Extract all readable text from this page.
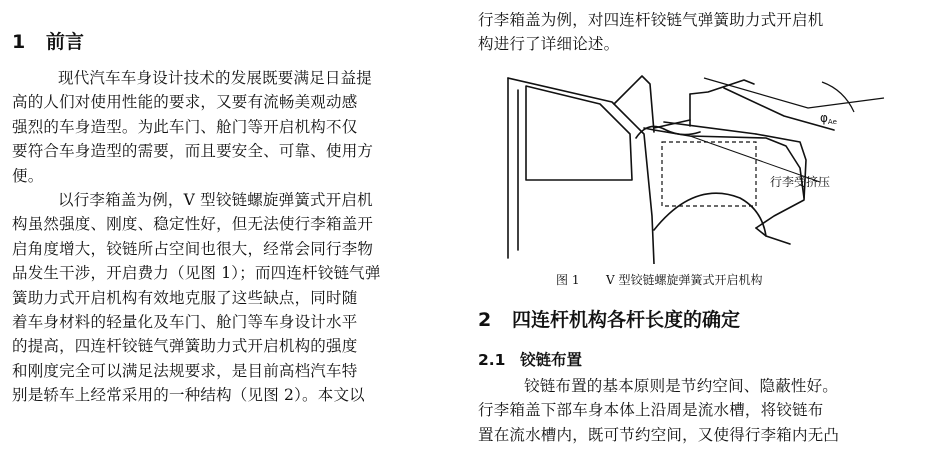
1 前言
现代汽车车身设计技术的发展既要满足日益提
高的人们对使用性能的要求，又要有流畅美观动感
强烈的车身造型。为此车门、舱门等开启机构不仅
要符合车身造型的需要，而且要安全、可靠、使用方
便。
以行李箱盖为例，V 型铰链螺旋弹簧式开启机
构虽然强度、刚度、稳定性好，但无法使行李箱盖开
启角度增大，铰链所占空间也很大，经常会同行李物
品发生干涉，开启费力（见图 1）；而四连杆铰链气弹
簧助力式开启机构有效地克服了这些缺点，同时随
着车身材料的轻量化及车门、舱门等车身设计水平
的提高，四连杆铰链气弹簧助力式开启机构的强度
和刚度完全可以满足法规要求，是目前高档汽车特
别是轿车上经常采用的一种结构（见图 2）。本文以
行李箱盖为例，对四连杆铰链气弹簧助力式开启机
构进行了详细论述。
φAe
行李受挤压
图 1 V 型铰链螺旋弹簧式开启机构
2 四连杆机构各杆长度的确定
2.1 铰链布置
铰链布置的基本原则是节约空间、隐蔽性好。
行李箱盖下部车身本体上沿周是流水槽，将铰链布
置在流水槽内，既可节约空间，又使得行李箱内无凸
